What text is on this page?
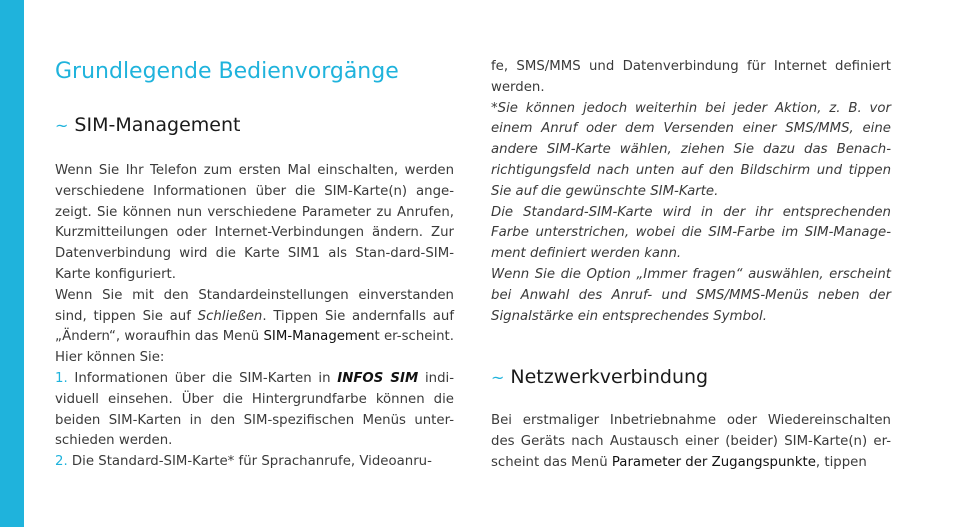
Grundlegende Bedienvorgänge
~ SIM-Management

Wenn Sie Ihr Telefon zum ersten Mal einschalten, werden verschiedene Informationen über die SIM-Karte(n) ange-zeigt. Sie können nun verschiedene Parameter zu Anrufen, Kurzmitteilungen oder Internet-Verbindungen ändern. Zur Datenverbindung wird die Karte SIM1 als Stan-dard-SIM-Karte konfiguriert.
Wenn Sie mit den Standardeinstellungen einverstanden sind, tippen Sie auf Schließen. Tippen Sie andernfalls auf „Ändern“, woraufhin das Menü SIM-Management er-scheint. Hier können Sie:
1. Informationen über die SIM-Karten in INFOS SIM indi-viduell einsehen. Über die Hintergrundfarbe können die beiden SIM-Karten in den SIM-spezifischen Menüs unter-schieden werden.
2. Die Standard-SIM-Karte* für Sprachanrufe, Videoanru-

fe, SMS/MMS und Datenverbindung für Internet definiert werden.
*Sie können jedoch weiterhin bei jeder Aktion, z. B. vor einem Anruf oder dem Versenden einer SMS/MMS, eine andere SIM-Karte wählen, ziehen Sie dazu das Benach-richtigungsfeld nach unten auf den Bildschirm und tippen Sie auf die gewünschte SIM-Karte.
Die Standard-SIM-Karte wird in der ihr entsprechenden Farbe unterstrichen, wobei die SIM-Farbe im SIM-Manage-ment definiert werden kann.
Wenn Sie die Option „Immer fragen“ auswählen, erscheint bei Anwahl des Anruf- und SMS/MMS-Menüs neben der Signalstärke ein entsprechendes Symbol.

~ Netzwerkverbindung

Bei erstmaliger Inbetriebnahme oder Wiedereinschalten des Geräts nach Austausch einer (beider) SIM-Karte(n) er-scheint das Menü Parameter der Zugangspunkte, tippen
